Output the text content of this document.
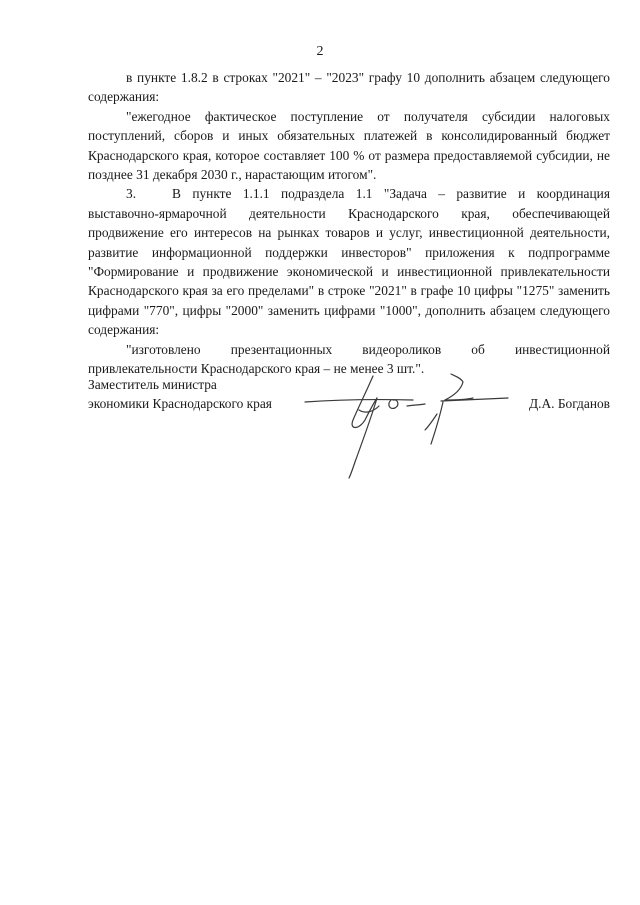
2

в пункте 1.8.2 в строках "2021" – "2023" графу 10 дополнить абзацем следующего содержания:

"ежегодное фактическое поступление от получателя субсидии налоговых поступлений, сборов и иных обязательных платежей в консолидированный бюджет Краснодарского края, которое составляет 100 % от размера предоставляемой субсидии, не позднее 31 декабря 2030 г., нарастающим итогом".

3.	В пункте 1.1.1 подраздела 1.1 "Задача – развитие и координация выставочно-ярмарочной деятельности Краснодарского края, обеспечивающей продвижение его интересов на рынках товаров и услуг, инвестиционной деятельности, развитие информационной поддержки инвесторов" приложения к подпрограмме "Формирование и продвижение экономической и инвестиционной привлекательности Краснодарского края за его пределами" в строке "2021" в графе 10 цифры "1275" заменить цифрами "770", цифры "2000" заменить цифрами "1000", дополнить абзацем следующего содержания:

"изготовлено презентационных видеороликов об инвестиционной привлекательности Краснодарского края – не менее 3 шт.".

Заместитель министра
экономики Краснодарского края	Д.А. Богданов
